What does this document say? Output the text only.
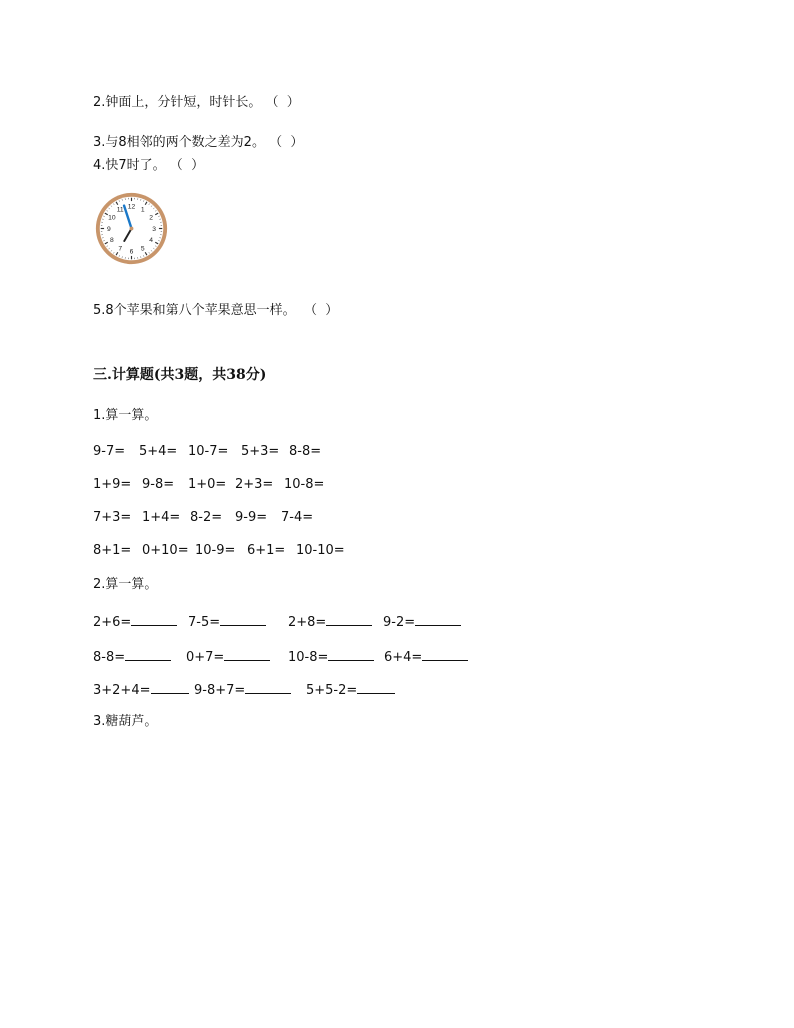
2.钟面上，分针短，时针长。 （  ）
3.与8相邻的两个数之差为2。 （  ）
4.快7时了。 （  ）
12 1
2
3
4
5
6
7
8
9
10
11
5.8个苹果和第八个苹果意思一样。  （  ）
三.计算题(共3题，共38分)
1.算一算。
9-7= 5+4= 10-7= 5+3= 8-8=
1+9= 9-8= 1+0= 2+3= 10-8=
7+3= 1+4= 8-2= 9-9= 7-4=
8+1= 0+10= 10-9= 6+1= 10-10=
2.算一算。
2+6=	7-5=	2+8=	9-2=
8-8=	0+7=	10-8=	6+4=
3+2+4=	9-8+7=	5+5-2=
3.糖葫芦。
